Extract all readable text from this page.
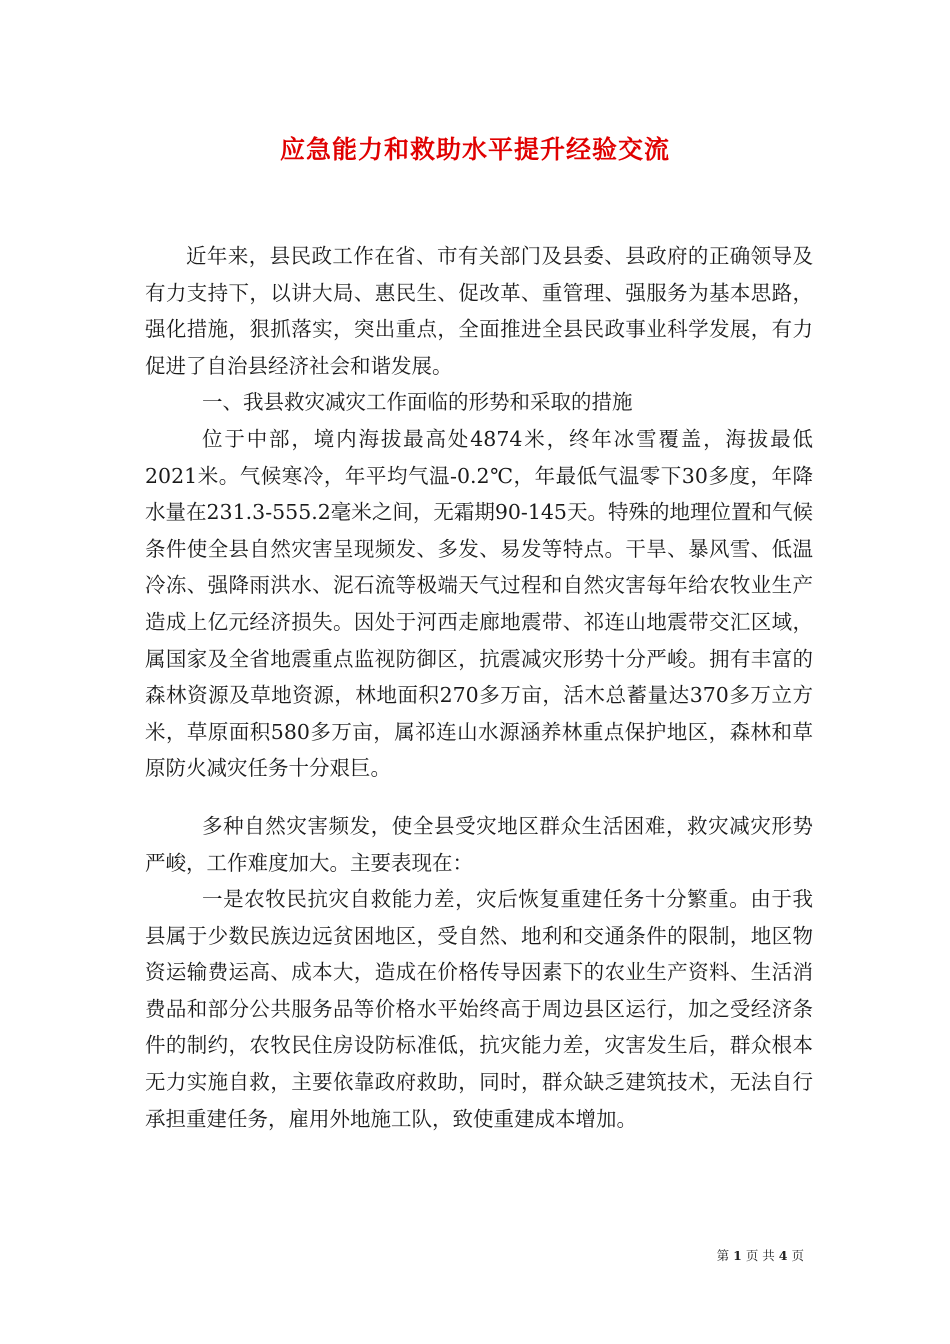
应急能力和救助水平提升经验交流

近年来，县民政工作在省、市有关部门及县委、县政府的正确领导及有力支持下，以讲大局、惠民生、促改革、重管理、强服务为基本思路，强化措施，狠抓落实，突出重点，全面推进全县民政事业科学发展，有力促进了自治县经济社会和谐发展。

一、我县救灾减灾工作面临的形势和采取的措施

位于中部，境内海拔最高处4874米，终年冰雪覆盖，海拔最低2021米。气候寒冷，年平均气温-0.2℃，年最低气温零下30多度，年降水量在231.3-555.2毫米之间，无霜期90-145天。特殊的地理位置和气候条件使全县自然灾害呈现频发、多发、易发等特点。干旱、暴风雪、低温冷冻、强降雨洪水、泥石流等极端天气过程和自然灾害每年给农牧业生产造成上亿元经济损失。因处于河西走廊地震带、祁连山地震带交汇区域，属国家及全省地震重点监视防御区，抗震减灾形势十分严峻。拥有丰富的森林资源及草地资源，林地面积270多万亩，活木总蓄量达370多万立方米，草原面积580多万亩，属祁连山水源涵养林重点保护地区，森林和草原防火减灾任务十分艰巨。

多种自然灾害频发，使全县受灾地区群众生活困难，救灾减灾形势严峻，工作难度加大。主要表现在：

一是农牧民抗灾自救能力差，灾后恢复重建任务十分繁重。由于我县属于少数民族边远贫困地区，受自然、地利和交通条件的限制，地区物资运输费运高、成本大，造成在价格传导因素下的农业生产资料、生活消费品和部分公共服务品等价格水平始终高于周边县区运行，加之受经济条件的制约，农牧民住房设防标准低，抗灾能力差，灾害发生后，群众根本无力实施自救，主要依靠政府救助，同时，群众缺乏建筑技术，无法自行承担重建任务，雇用外地施工队，致使重建成本增加。

第 1 页 共 4 页
